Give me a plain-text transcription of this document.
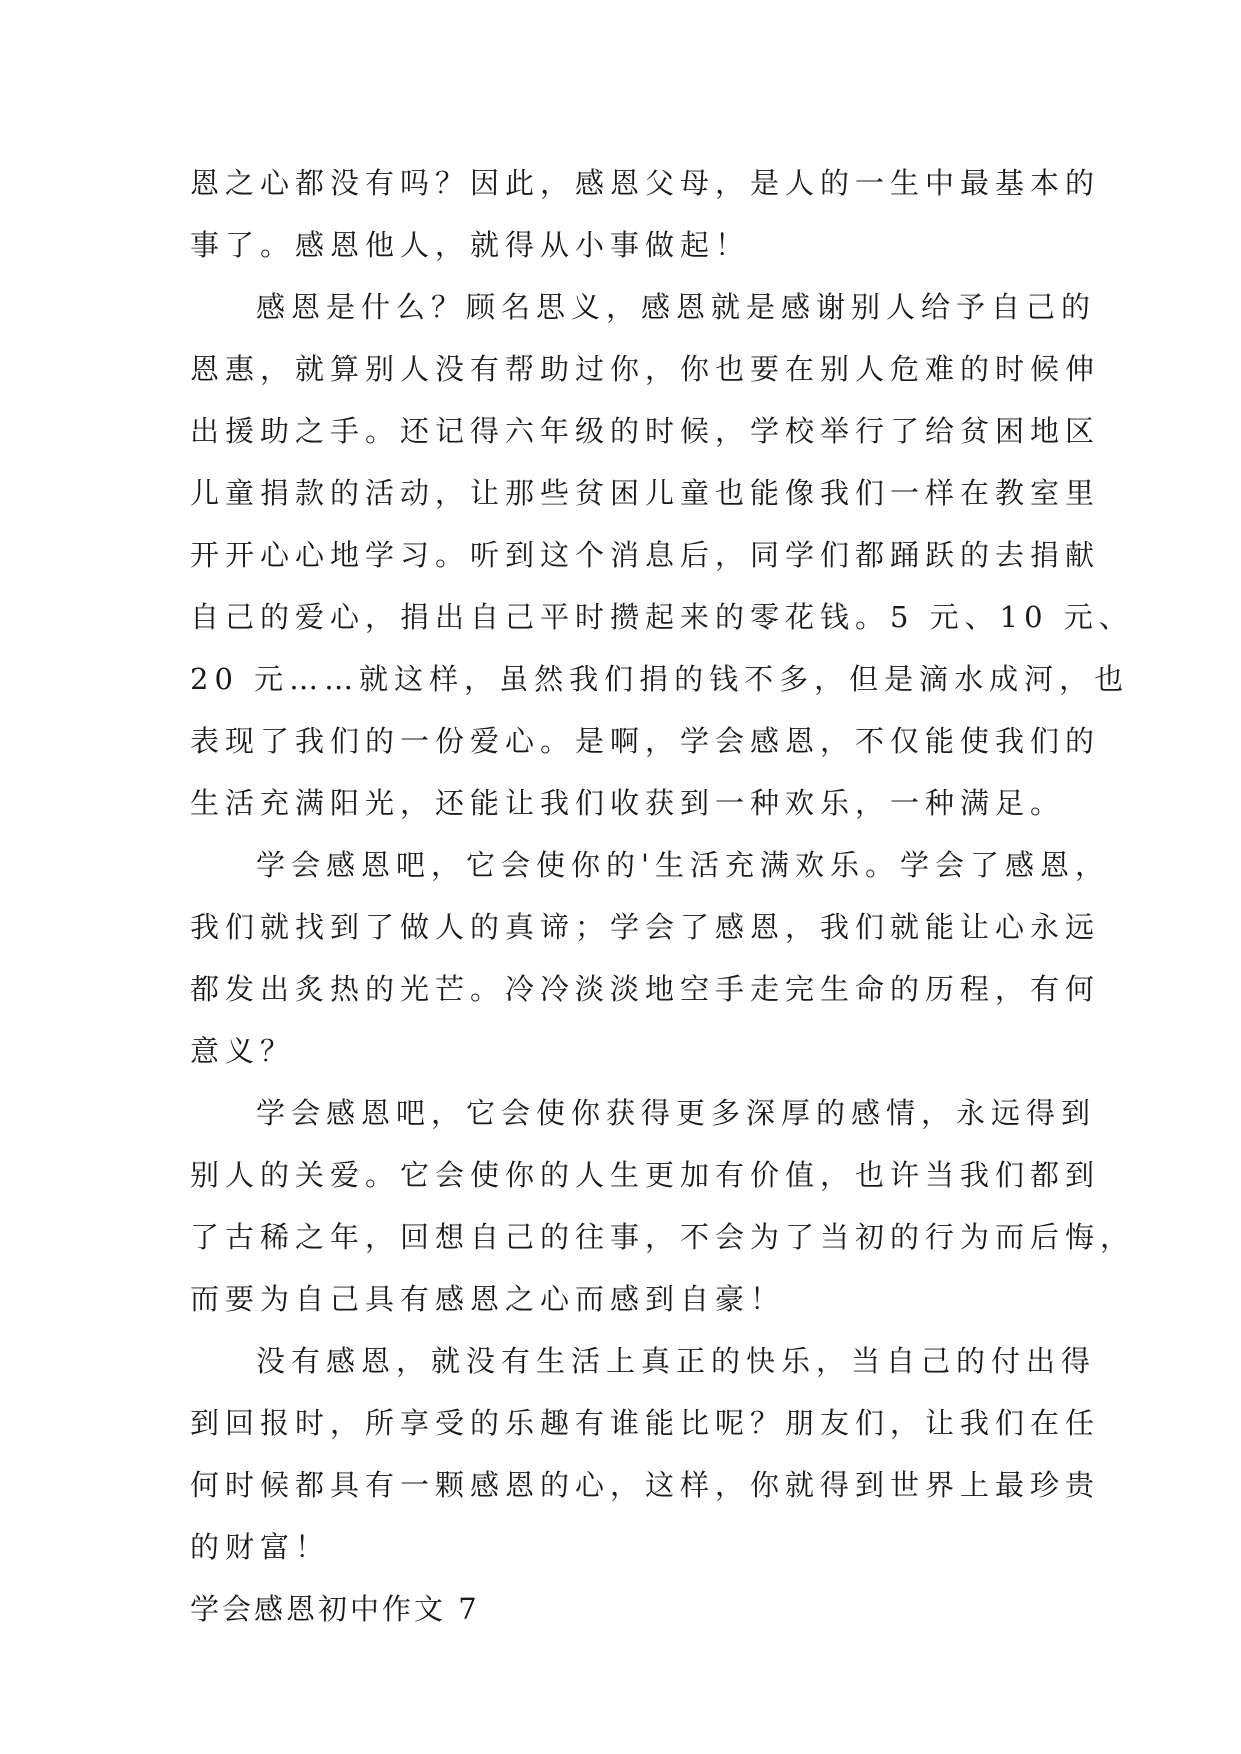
恩之心都没有吗？因此，感恩父母，是人的一生中最基本的
事了。感恩他人，就得从小事做起！
感恩是什么？顾名思义，感恩就是感谢别人给予自己的
恩惠，就算别人没有帮助过你，你也要在别人危难的时候伸
出援助之手。还记得六年级的时候，学校举行了给贫困地区
儿童捐款的活动，让那些贫困儿童也能像我们一样在教室里
开开心心地学习。听到这个消息后，同学们都踊跃的去捐献
自己的爱心，捐出自己平时攒起来的零花钱。5 元、10 元、
20 元……就这样，虽然我们捐的钱不多，但是滴水成河，也
表现了我们的一份爱心。是啊，学会感恩，不仅能使我们的
生活充满阳光，还能让我们收获到一种欢乐，一种满足。
学会感恩吧，它会使你的'生活充满欢乐。学会了感恩，
我们就找到了做人的真谛；学会了感恩，我们就能让心永远
都发出炙热的光芒。冷冷淡淡地空手走完生命的历程，有何
意义？
学会感恩吧，它会使你获得更多深厚的感情，永远得到
别人的关爱。它会使你的人生更加有价值，也许当我们都到
了古稀之年，回想自己的往事，不会为了当初的行为而后悔，
而要为自己具有感恩之心而感到自豪！
没有感恩，就没有生活上真正的快乐，当自己的付出得
到回报时，所享受的乐趣有谁能比呢？朋友们，让我们在任
何时候都具有一颗感恩的心，这样，你就得到世界上最珍贵
的财富！
学会感恩初中作文 7
